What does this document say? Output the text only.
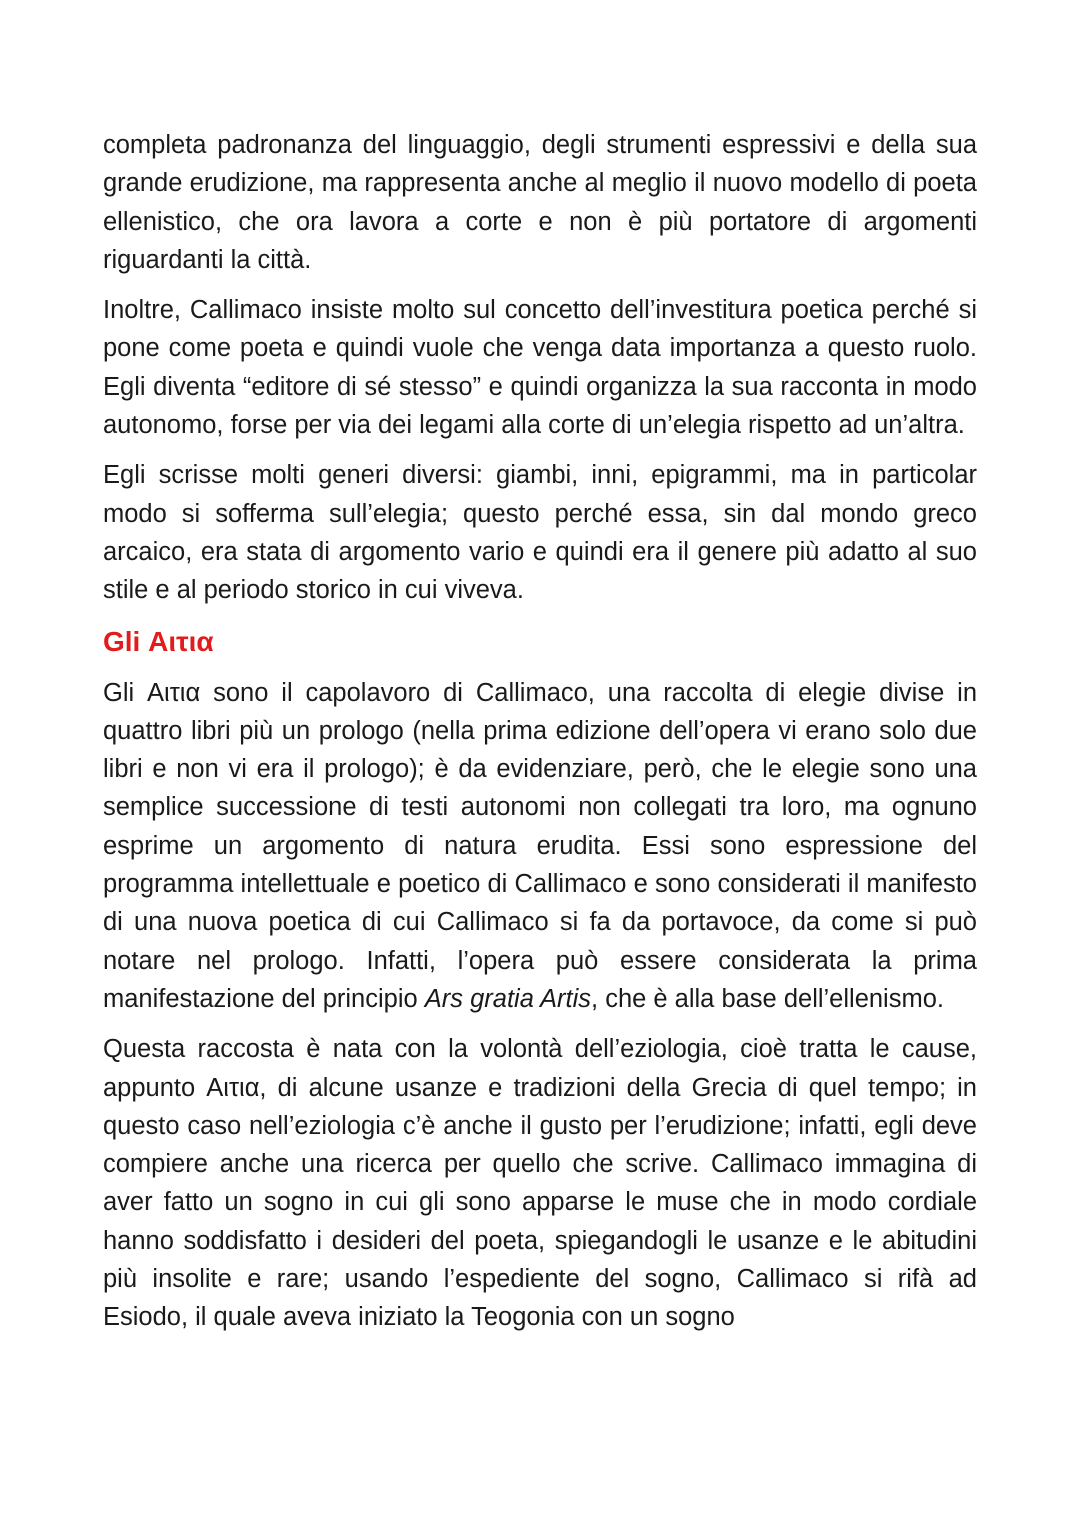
completa padronanza del linguaggio, degli strumenti espressivi e della sua grande erudizione, ma rappresenta anche al meglio il nuovo modello di poeta ellenistico, che ora lavora a corte e non è più portatore di argomenti riguardanti la città.

Inoltre, Callimaco insiste molto sul concetto dell’investitura poetica perché si pone come poeta e quindi vuole che venga data importanza a questo ruolo. Egli diventa “editore di sé stesso” e quindi organizza la sua racconta in modo autonomo, forse per via dei legami alla corte di un’elegia rispetto ad un’altra.

Egli scrisse molti generi diversi: giambi, inni, epigrammi, ma in particolar modo si sofferma sull’elegia; questo perché essa, sin dal mondo greco arcaico, era stata di argomento vario e quindi era il genere più adatto al suo stile e al periodo storico in cui viveva.

Gli Αιτια

Gli Αιτια sono il capolavoro di Callimaco, una raccolta di elegie divise in quattro libri più un prologo (nella prima edizione dell’opera vi erano solo due libri e non vi era il prologo); è da evidenziare, però, che le elegie sono una semplice successione di testi autonomi non collegati tra loro, ma ognuno esprime un argomento di natura erudita. Essi sono espressione del programma intellettuale e poetico di Callimaco e sono considerati il manifesto di una nuova poetica di cui Callimaco si fa da portavoce, da come si può notare nel prologo. Infatti, l’opera può essere considerata la prima manifestazione del principio Ars gratia Artis, che è alla base dell’ellenismo.

Questa raccosta è nata con la volontà dell’eziologia, cioè tratta le cause, appunto Αιτια, di alcune usanze e tradizioni della Grecia di quel tempo; in questo caso nell’eziologia c’è anche il gusto per l’erudizione; infatti, egli deve compiere anche una ricerca per quello che scrive. Callimaco immagina di aver fatto un sogno in cui gli sono apparse le muse che in modo cordiale hanno soddisfatto i desideri del poeta, spiegandogli le usanze e le abitudini più insolite e rare; usando l’espediente del sogno, Callimaco si rifà ad Esiodo, il quale aveva iniziato la Teogonia con un sogno
